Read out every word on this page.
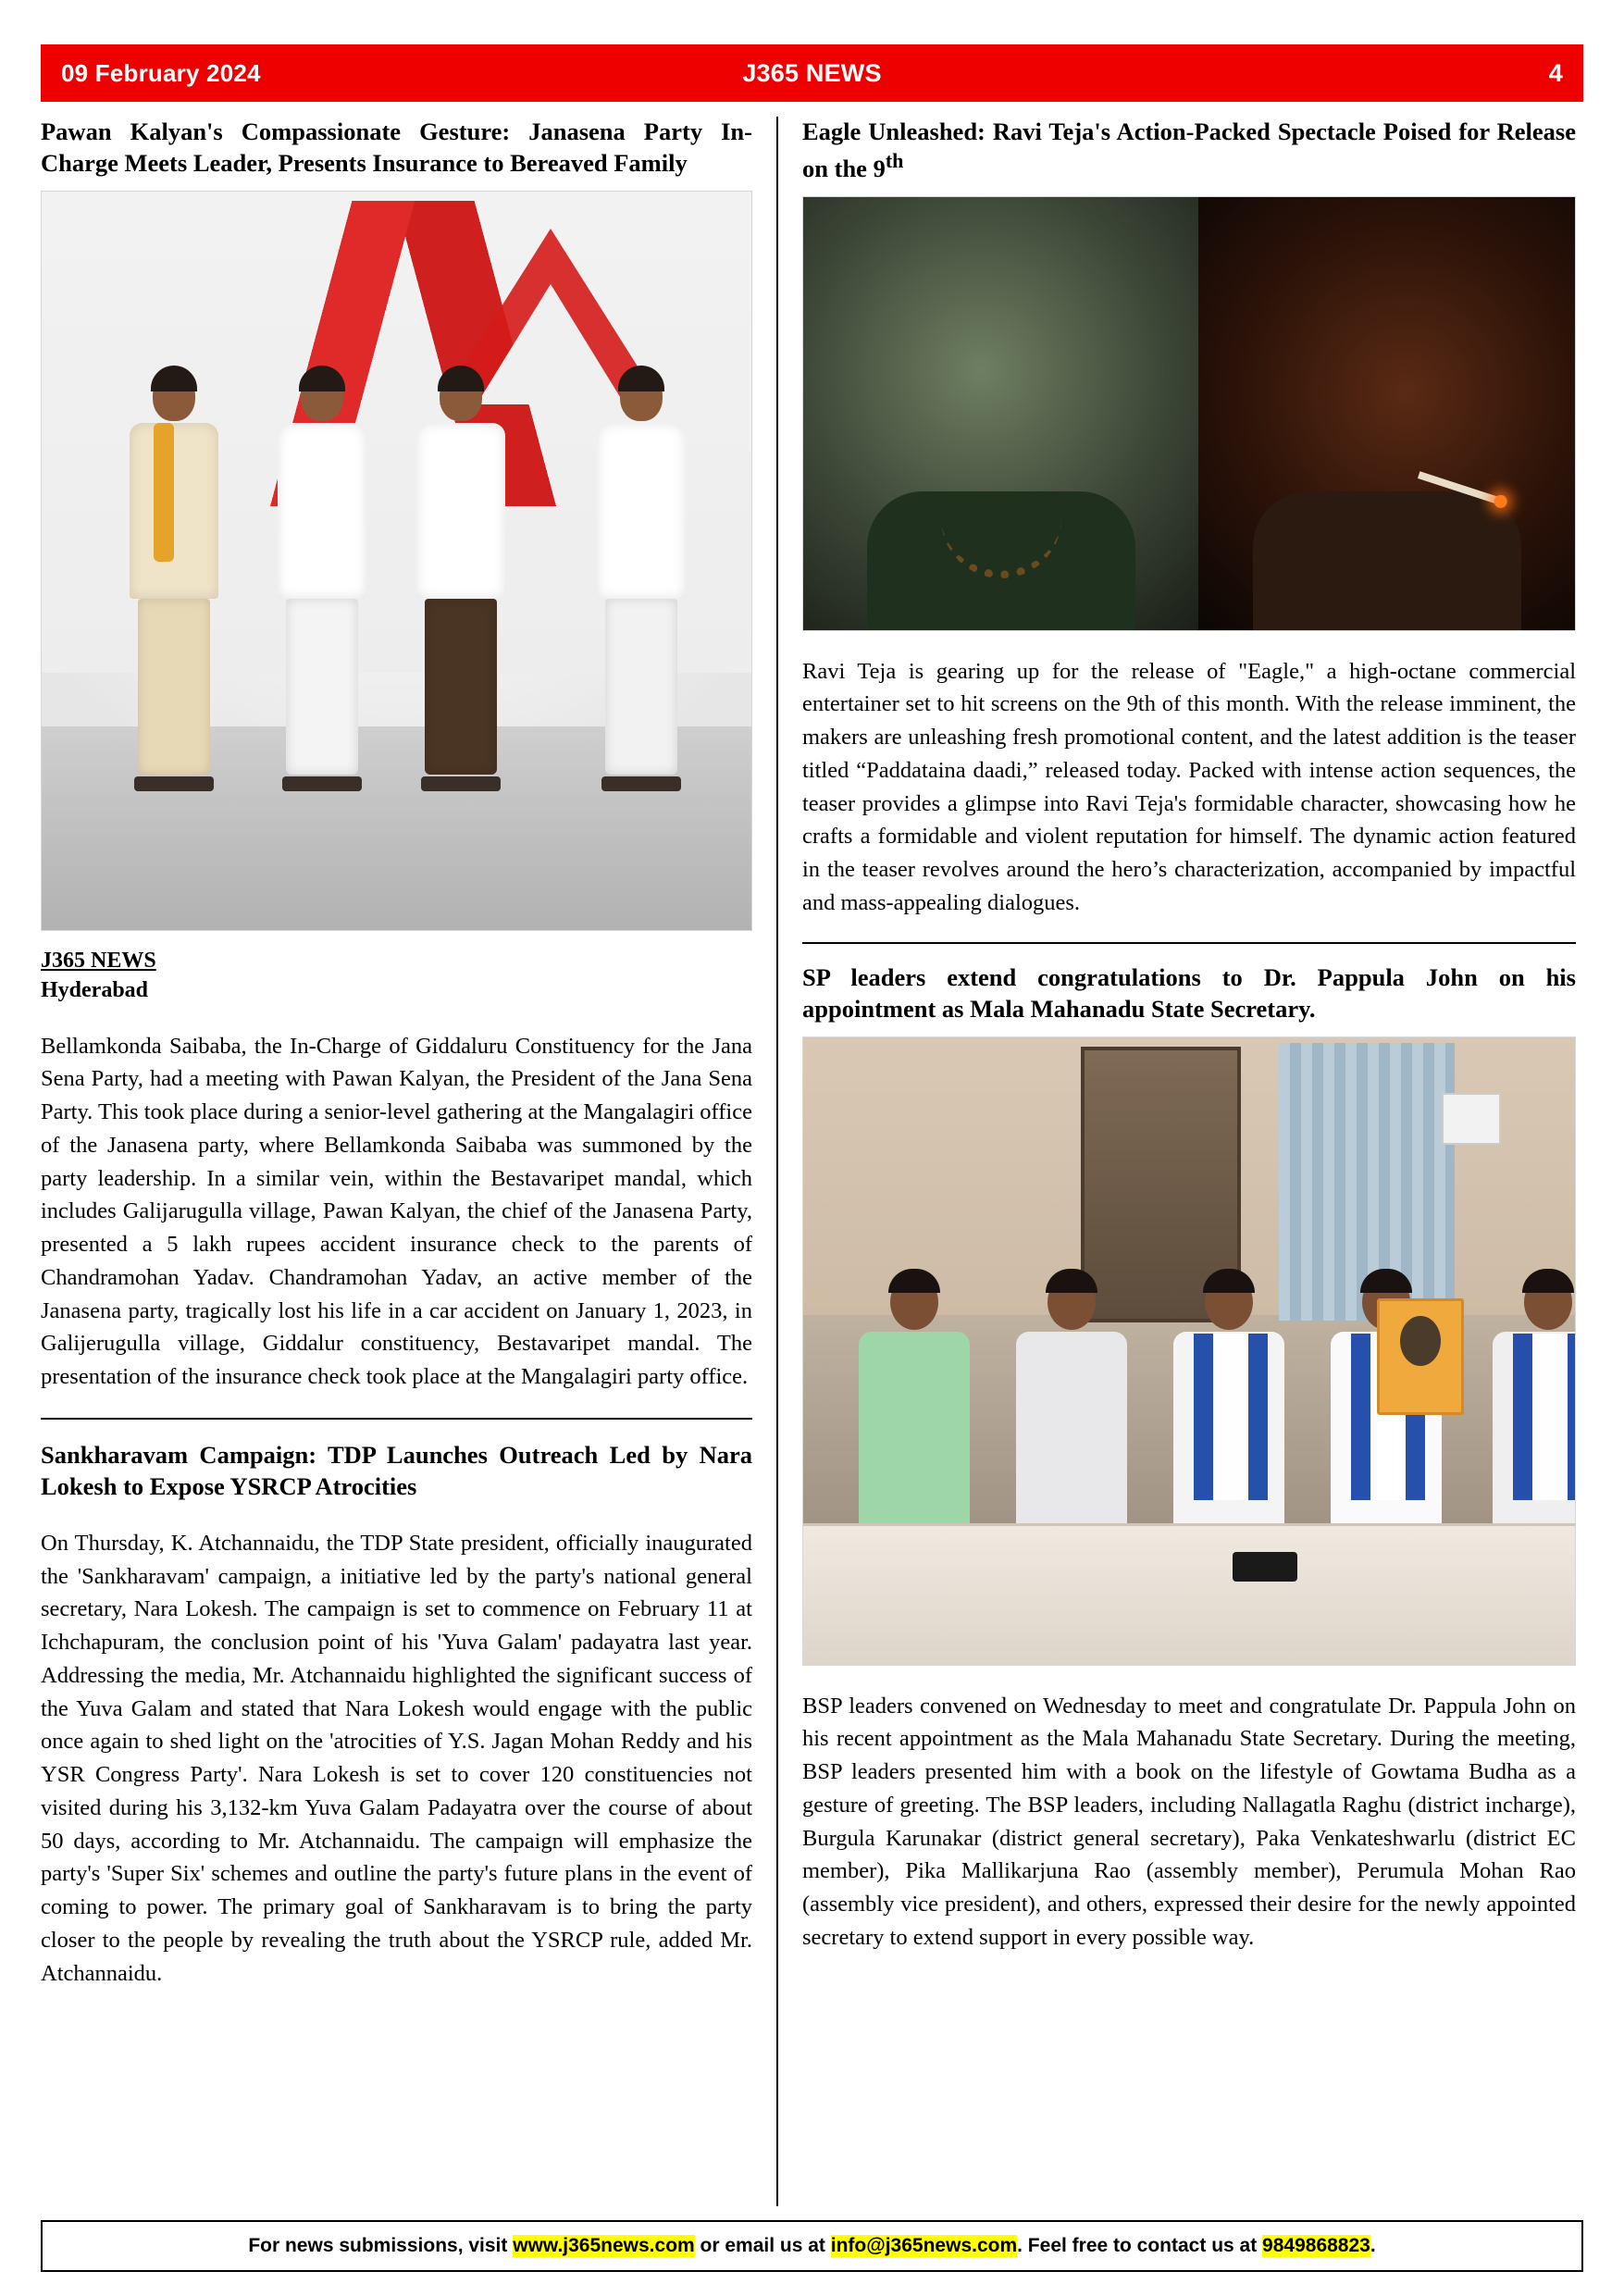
09 February 2024	J365 NEWS	4
Pawan Kalyan's Compassionate Gesture: Janasena Party In-Charge Meets Leader, Presents Insurance to Bereaved Family
J365 NEWS
Hyderabad

Bellamkonda Saibaba, the In-Charge of Giddaluru Constituency for the Jana Sena Party, had a meeting with Pawan Kalyan, the President of the Jana Sena Party. This took place during a senior-level gathering at the Mangalagiri office of the Janasena party, where Bellamkonda Saibaba was summoned by the party leadership. In a similar vein, within the Bestavaripet mandal, which includes Galijarugulla village, Pawan Kalyan, the chief of the Janasena Party, presented a 5 lakh rupees accident insurance check to the parents of Chandramohan Yadav. Chandramohan Yadav, an active member of the Janasena party, tragically lost his life in a car accident on January 1, 2023, in Galijerugulla village, Giddalur constituency, Bestavaripet mandal. The presentation of the insurance check took place at the Mangalagiri party office.

Sankharavam Campaign: TDP Launches Outreach Led by Nara Lokesh to Expose YSRCP Atrocities

On Thursday, K. Atchannaidu, the TDP State president, officially inaugurated the 'Sankharavam' campaign, a initiative led by the party's national general secretary, Nara Lokesh. The campaign is set to commence on February 11 at Ichchapuram, the conclusion point of his 'Yuva Galam' padayatra last year. Addressing the media, Mr. Atchannaidu highlighted the significant success of the Yuva Galam and stated that Nara Lokesh would engage with the public once again to shed light on the 'atrocities of Y.S. Jagan Mohan Reddy and his YSR Congress Party'. Nara Lokesh is set to cover 120 constituencies not visited during his 3,132-km Yuva Galam Padayatra over the course of about 50 days, according to Mr. Atchannaidu. The campaign will emphasize the party's 'Super Six' schemes and outline the party's future plans in the event of coming to power. The primary goal of Sankharavam is to bring the party closer to the people by revealing the truth about the YSRCP rule, added Mr. Atchannaidu.

Eagle Unleashed: Ravi Teja's Action-Packed Spectacle Poised for Release on the 9th

Ravi Teja is gearing up for the release of "Eagle," a high-octane commercial entertainer set to hit screens on the 9th of this month. With the release imminent, the makers are unleashing fresh promotional content, and the latest addition is the teaser titled “Paddataina daadi,” released today. Packed with intense action sequences, the teaser provides a glimpse into Ravi Teja's formidable character, showcasing how he crafts a formidable and violent reputation for himself. The dynamic action featured in the teaser revolves around the hero’s characterization, accompanied by impactful and mass-appealing dialogues.

SP leaders extend congratulations to Dr. Pappula John on his appointment as Mala Mahanadu State Secretary.

BSP leaders convened on Wednesday to meet and congratulate Dr. Pappula John on his recent appointment as the Mala Mahanadu State Secretary. During the meeting, BSP leaders presented him with a book on the lifestyle of Gowtama Budha as a gesture of greeting. The BSP leaders, including Nallagatla Raghu (district incharge), Burgula Karunakar (district general secretary), Paka Venkateshwarlu (district EC member), Pika Mallikarjuna Rao (assembly member), Perumula Mohan Rao (assembly vice president), and others, expressed their desire for the newly appointed secretary to extend support in every possible way.

For news submissions, visit www.j365news.com or email us at info@j365news.com . Feel free to contact us at 9849868823 .
